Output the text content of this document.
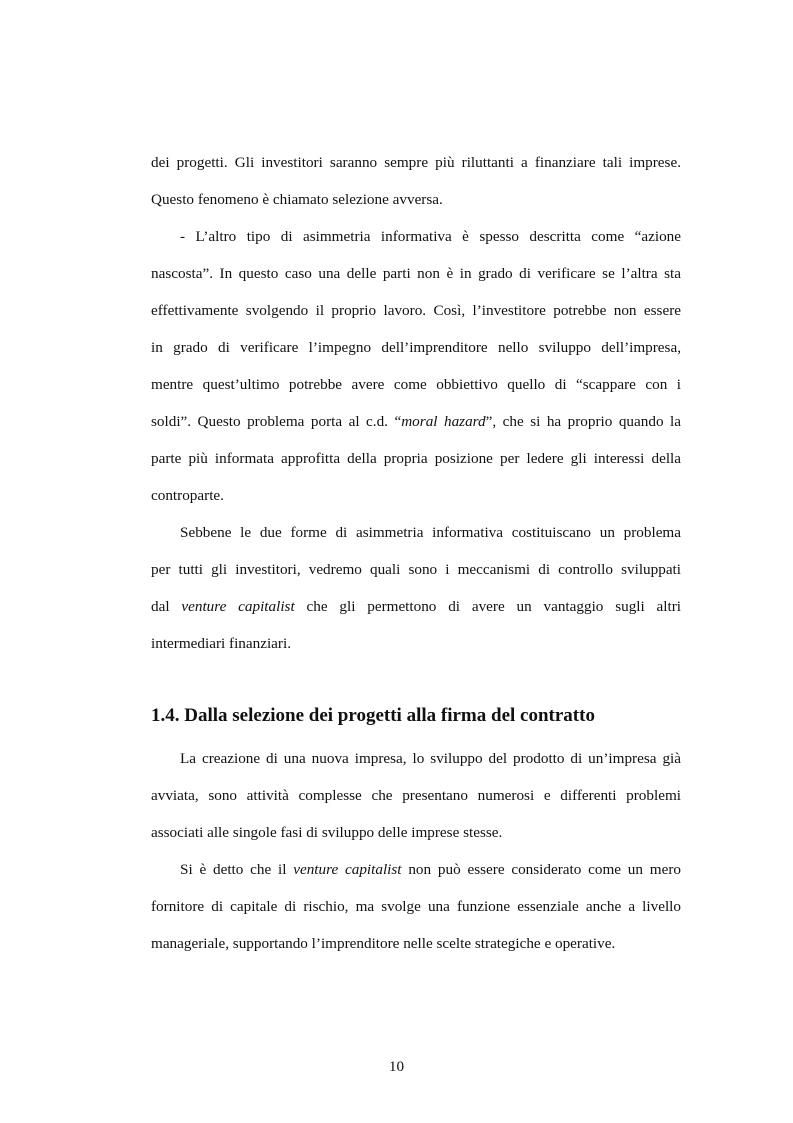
dei progetti. Gli investitori saranno sempre più riluttanti a finanziare tali imprese.
Questo fenomeno è chiamato selezione avversa.
- L’altro tipo di asimmetria informativa è spesso descritta come “azione
nascosta”. In questo caso una delle parti non è in grado di verificare se l’altra sta
effettivamente svolgendo il proprio lavoro. Così, l’investitore potrebbe non essere
in grado di verificare l’impegno dell’imprenditore nello sviluppo dell’impresa,
mentre quest’ultimo potrebbe avere come obbiettivo quello di “scappare con i
soldi”. Questo problema porta al c.d. “moral hazard”, che si ha proprio quando la
parte più informata approfitta della propria posizione per ledere gli interessi della
controparte.
Sebbene le due forme di asimmetria informativa costituiscano un problema
per tutti gli investitori, vedremo quali sono i meccanismi di controllo sviluppati
dal venture capitalist che gli permettono di avere un vantaggio sugli altri
intermediari finanziari.
1.4. Dalla selezione dei progetti alla firma del contratto
La creazione di una nuova impresa, lo sviluppo del prodotto di un’impresa già
avviata, sono attività complesse che presentano numerosi e differenti problemi
associati alle singole fasi di sviluppo delle imprese stesse.
Si è detto che il venture capitalist non può essere considerato come un mero
fornitore di capitale di rischio, ma svolge una funzione essenziale anche a livello
manageriale, supportando l’imprenditore nelle scelte strategiche e operative.
10
